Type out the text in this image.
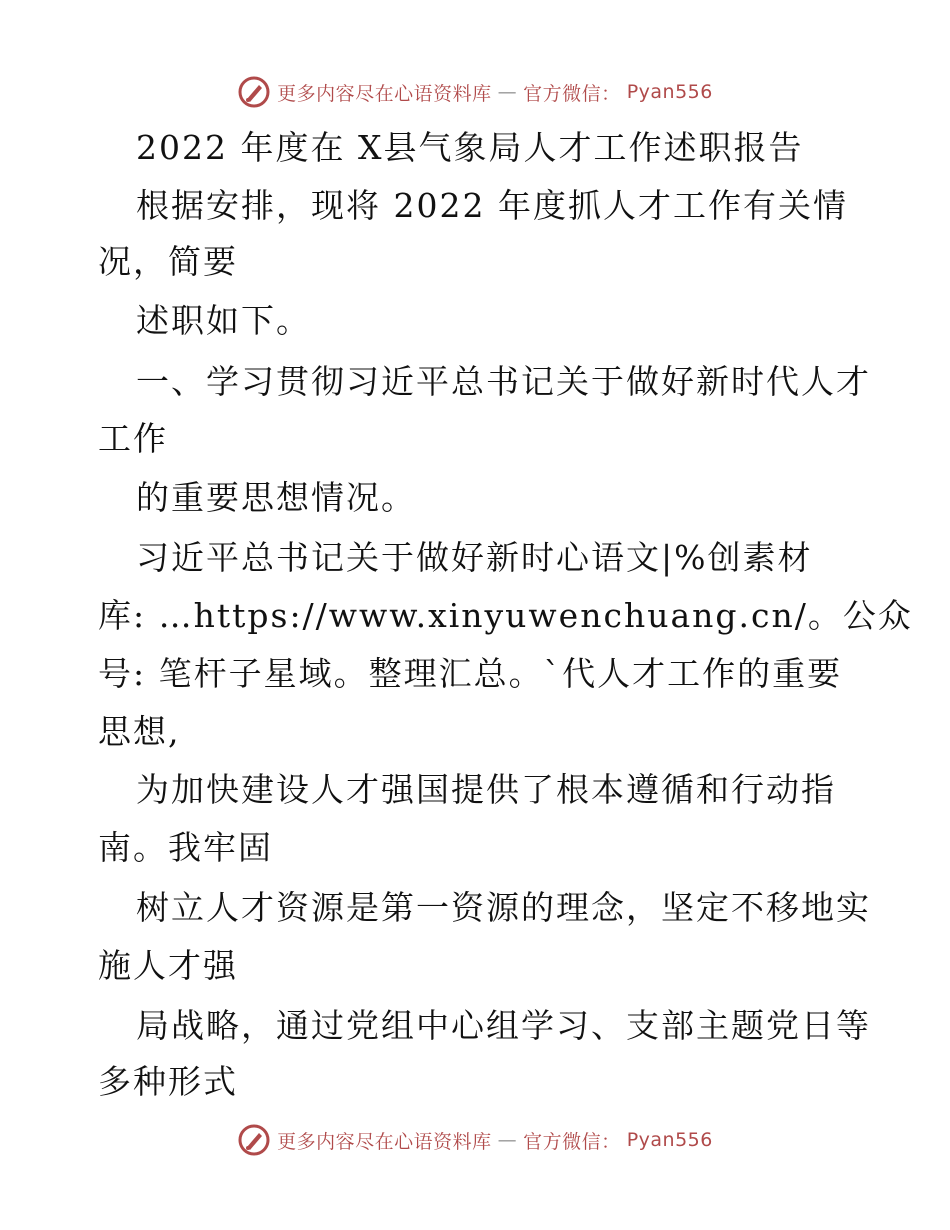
更多内容尽在心语资料库 — 官方微信： Pyan556
2022 年度在 X县气象局人才工作述职报告
根据安排，现将 2022 年度抓人才工作有关情
况，简要
述职如下。
一、学习贯彻习近平总书记关于做好新时代人才
工作
的重要思想情况。
习近平总书记关于做好新时心语文|%创素材
库: …https://www.xinyuwenchuang.cn/。公众
号: 笔杆子星域。整理汇总。`代人才工作的重要
思想,
为加快建设人才强国提供了根本遵循和行动指
南。我牢固
树立人才资源是第一资源的理念，坚定不移地实
施人才强
局战略，通过党组中心组学习、支部主题党日等
多种形式
更多内容尽在心语资料库 — 官方微信： Pyan556
